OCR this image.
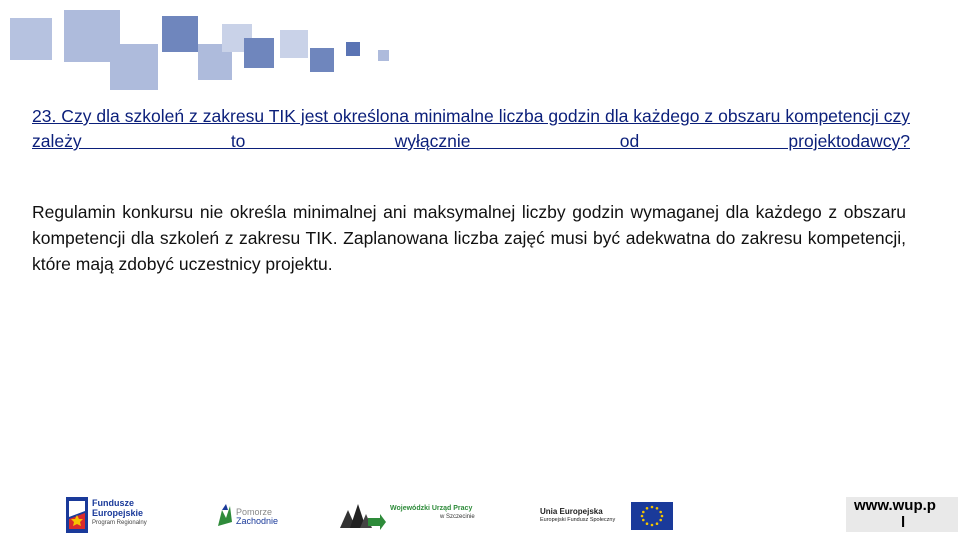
23. Czy dla szkoleń z zakresu TIK jest określona minimalne liczba godzin dla każdego z obszaru kompetencji czy zależy to wyłącznie od projektodawcy?

Regulamin konkursu nie określa minimalnej ani maksymalnej liczby godzin wymaganej dla każdego z obszaru kompetencji dla szkoleń z zakresu TIK. Zaplanowana liczba zajęć musi być adekwatna do zakresu kompetencji, które mają zdobyć uczestnicy projektu.

Fundusze
Europejskie
Program Regionalny
Pomorze
Zachodnie
Wojewódzki Urząd Pracy
w Szczecinie
Unia Europejska
Europejski Fundusz Społeczny
www.wup.p
l
